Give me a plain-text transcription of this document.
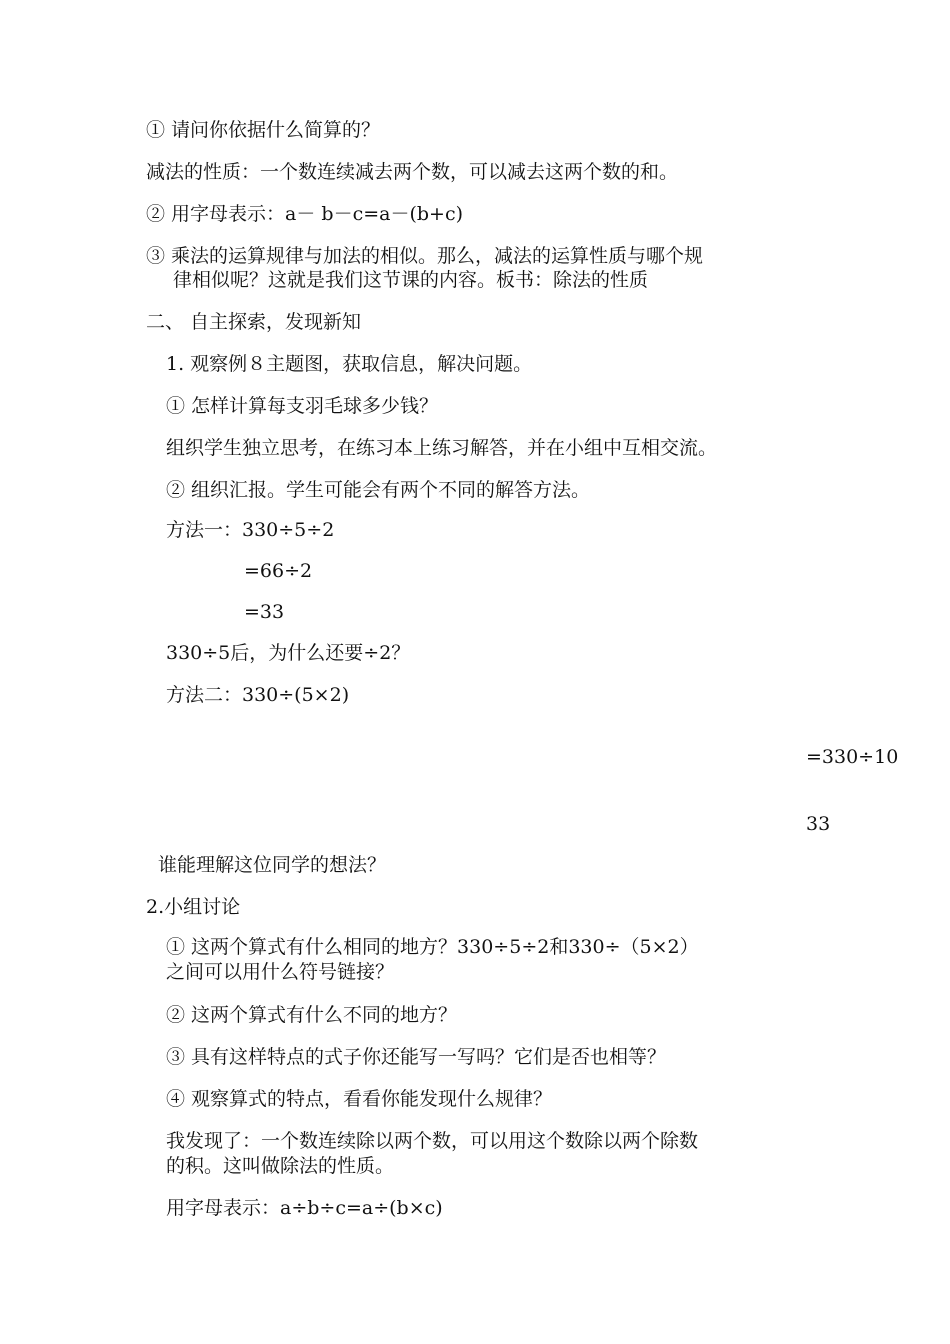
① 请问你依据什么简算的？
减法的性质：一个数连续减去两个数，可以减去这两个数的和。
② 用字母表示：a－ b－c=a－(b+c)
③ 乘法的运算规律与加法的相似。那么，减法的运算性质与哪个规
律相似呢？这就是我们这节课的内容。板书：除法的性质
二、 自主探索，发现新知
1. 观察例８主题图，获取信息，解决问题。
① 怎样计算每支羽毛球多少钱？
组织学生独立思考，在练习本上练习解答，并在小组中互相交流。
② 组织汇报。学生可能会有两个不同的解答方法。
方法一：330÷5÷2
=66÷2
=33
330÷5后，为什么还要÷2？
方法二：330÷(5×2)
=330÷10
33
谁能理解这位同学的想法？
2.小组讨论
① 这两个算式有什么相同的地方？330÷5÷2和330÷（5×2）
之间可以用什么符号链接？
② 这两个算式有什么不同的地方？
③ 具有这样特点的式子你还能写一写吗？它们是否也相等？
④ 观察算式的特点，看看你能发现什么规律？
我发现了：一个数连续除以两个数，可以用这个数除以两个除数
的积。这叫做除法的性质。
用字母表示：a÷b÷c=a÷(b×c)
